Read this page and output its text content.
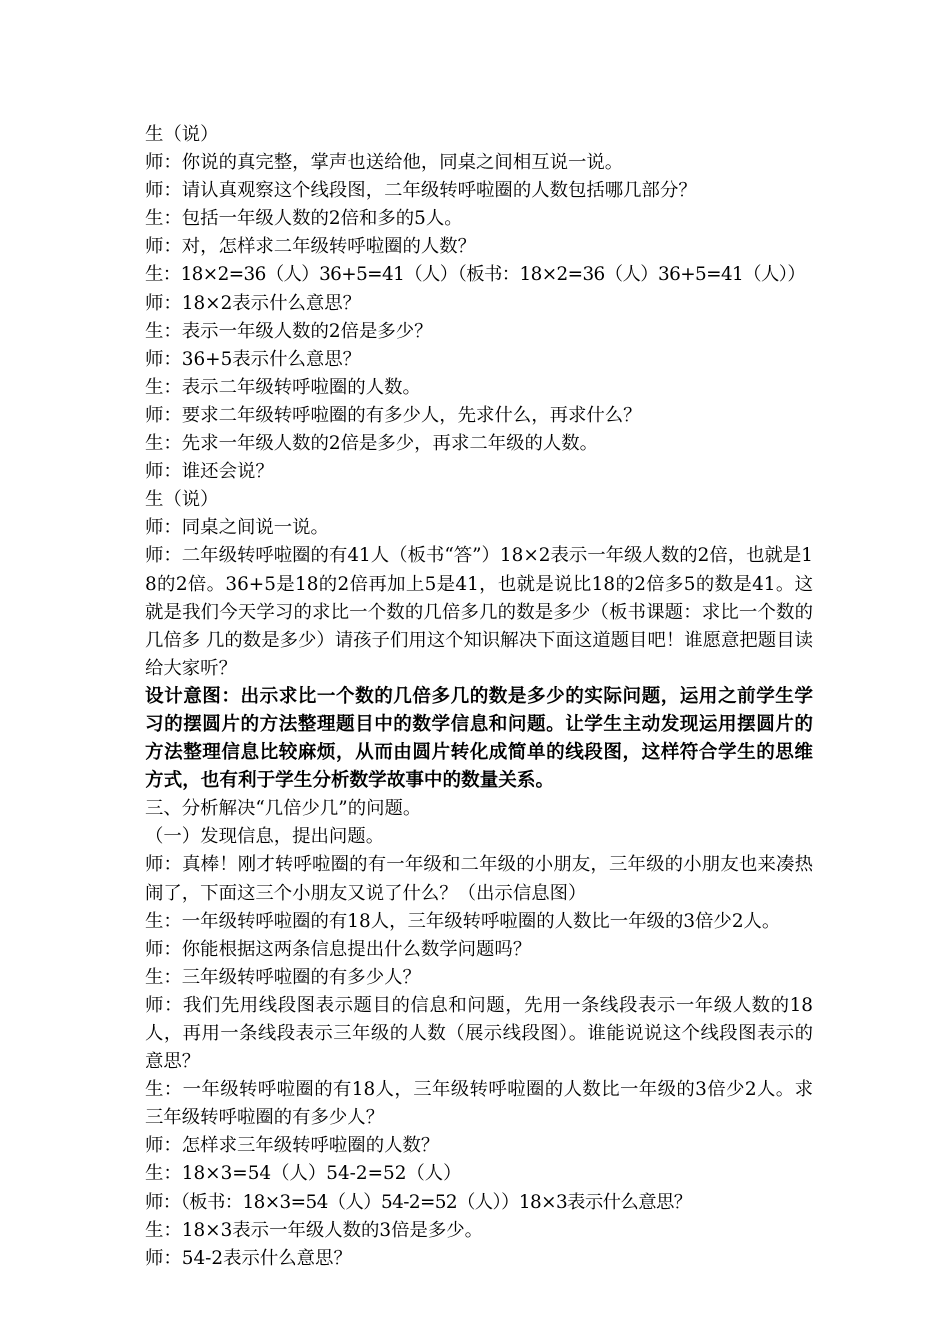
生（说）

师：你说的真完整，掌声也送给他，同桌之间相互说一说。

师：请认真观察这个线段图，二年级转呼啦圈的人数包括哪几部分？

生：包括一年级人数的2倍和多的5人。

师：对，怎样求二年级转呼啦圈的人数？

生：18×2=36（人）36+5=41（人）（板书：18×2=36（人）36+5=41（人））

师：18×2表示什么意思？

生：表示一年级人数的2倍是多少？

师：36+5表示什么意思？

生：表示二年级转呼啦圈的人数。

师：要求二年级转呼啦圈的有多少人，先求什么，再求什么？

生：先求一年级人数的2倍是多少，再求二年级的人数。

师：谁还会说？

生（说）

师：同桌之间说一说。

师：二年级转呼啦圈的有41人（板书“答”）18×2表示一年级人数的2倍，也就是18的2倍。36+5是18的2倍再加上5是41，也就是说比18的2倍多5的数是41。这就是我们今天学习的求比一个数的几倍多几的数是多少（板书课题：求比一个数的几倍多 几的数是多少）请孩子们用这个知识解决下面这道题目吧！谁愿意把题目读给大家听？

设计意图：出示求比一个数的几倍多几的数是多少的实际问题，运用之前学生学习的摆圆片的方法整理题目中的数学信息和问题。让学生主动发现运用摆圆片的方法整理信息比较麻烦，从而由圆片转化成简单的线段图，这样符合学生的思维方式，也有利于学生分析数学故事中的数量关系。

三、分析解决“几倍少几”的问题。

（一）发现信息，提出问题。

师：真棒！刚才转呼啦圈的有一年级和二年级的小朋友，三年级的小朋友也来凑热闹了，下面这三个小朋友又说了什么？（出示信息图）

生：一年级转呼啦圈的有18人，三年级转呼啦圈的人数比一年级的3倍少2人。

师：你能根据这两条信息提出什么数学问题吗？

生：三年级转呼啦圈的有多少人？

师：我们先用线段图表示题目的信息和问题，先用一条线段表示一年级人数的18人，再用一条线段表示三年级的人数（展示线段图）。谁能说说这个线段图表示的意思？

生：一年级转呼啦圈的有18人，三年级转呼啦圈的人数比一年级的3倍少2人。求三年级转呼啦圈的有多少人？

师：怎样求三年级转呼啦圈的人数？

生：18×3=54（人）54-2=52（人）

师：（板书：18×3=54（人）54-2=52（人））18×3表示什么意思？

生：18×3表示一年级人数的3倍是多少。

师：54-2表示什么意思？
